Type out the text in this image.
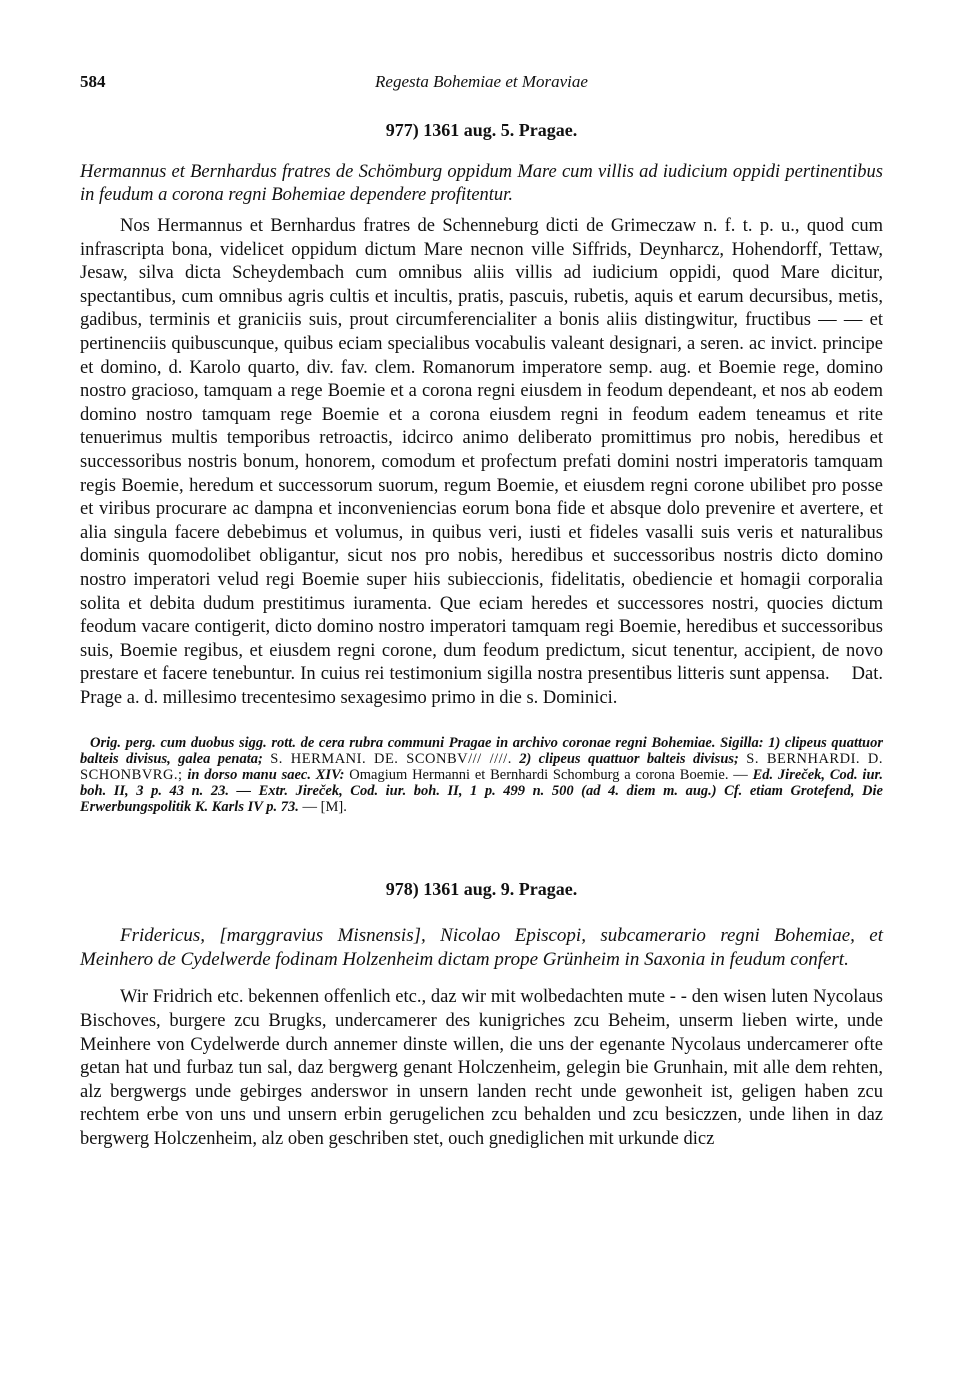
584	Regesta Bohemiae et Moraviae
977) 1361 aug. 5. Pragae.

Hermannus et Bernhardus fratres de Schömburg oppidum Mare cum villis ad iudicium oppidi pertinentibus in feudum a corona regni Bohemiae dependere profitentur.

Nos Hermannus et Bernhardus fratres de Schenneburg dicti de Grimeczaw n. f. t. p. u., quod cum infrascripta bona, videlicet oppidum dictum Mare necnon ville Siffrids, Deynharcz, Hohendorff, Tettaw, Jesaw, silva dicta Scheydembach cum omnibus aliis villis ad iudicium oppidi, quod Mare dicitur, spectantibus, cum omnibus agris cultis et incultis, pratis, pascuis, rubetis, aquis et earum decursibus, metis, gadibus, terminis et graniciis suis, prout circumferencialiter a bonis aliis distingwitur, fructibus — — et pertinenciis quibuscunque, quibus eciam specialibus vocabulis valeant designari, a seren. ac invict. principe et domino, d. Karolo quarto, div. fav. clem. Romanorum imperatore semp. aug. et Boemie rege, domino nostro gracioso, tamquam a rege Boemie et a corona regni eiusdem in feodum dependeant, et nos ab eodem domino nostro tamquam rege Boemie et a corona eiusdem regni in feodum eadem teneamus et rite tenuerimus multis temporibus retroactis, idcirco animo deliberato promittimus pro nobis, heredibus et successoribus nostris bonum, honorem, comodum et profectum prefati domini nostri imperatoris tamquam regis Boemie, heredum et successorum suorum, regum Boemie, et eiusdem regni corone ubilibet pro posse et viribus procurare ac dampna et inconveniencias eorum bona fide et absque dolo prevenire et avertere, et alia singula facere debebimus et volumus, in quibus veri, iusti et fideles vasalli suis veris et naturalibus dominis quomodolibet obligantur, sicut nos pro nobis, heredibus et successoribus nostris dicto domino nostro imperatori velud regi Boemie super hiis subieccionis, fidelitatis, obediencie et homagii corporalia solita et debita dudum prestitimus iuramenta. Que eciam heredes et successores nostri, quocies dictum feodum vacare contigerit, dicto domino nostro imperatori tamquam regi Boemie, heredibus et successoribus suis, Boemie regibus, et eiusdem regni corone, dum feodum predictum, sicut tenentur, accipient, de novo prestare et facere tenebuntur. In cuius rei testimonium sigilla nostra presentibus litteris sunt appensa. Dat. Prage a. d. millesimo trecentesimo sexagesimo primo in die s. Dominici.

Orig. perg. cum duobus sigg. rott. de cera rubra communi Pragae in archivo coronae regni Bohemiae. Sigilla: 1) clipeus quattuor balteis divisus, galea penata; S. HERMANI. DE. SCONBV/// ////. 2) clipeus quattuor balteis divisus; S. BERNHARDI. D. SCHONBVRG.; in dorso manu saec. XIV: Omagium Hermanni et Bernhardi Schomburg a corona Boemie. — Ed. Jireček, Cod. iur. boh. II, 3 p. 43 n. 23. — Extr. Jireček, Cod. iur. boh. II, 1 p. 499 n. 500 (ad 4. diem m. aug.) Cf. etiam Grotefend, Die Erwerbungspolitik K. Karls IV p. 73. — [M].

978) 1361 aug. 9. Pragae.

Fridericus, [marggravius Misnensis], Nicolao Episcopi, subcamerario regni Bohemiae, et Meinhero de Cydelwerde fodinam Holzenheim dictam prope Grünheim in Saxonia in feudum confert.

Wir Fridrich etc. bekennen offenlich etc., daz wir mit wolbedachten mute - - den wisen luten Nycolaus Bischoves, burgere zcu Brugks, undercamerer des kunigriches zcu Beheim, unserm lieben wirte, unde Meinhere von Cydelwerde durch annemer dinste willen, die uns der egenante Nycolaus undercamerer ofte getan hat und furbaz tun sal, daz bergwerg genant Holczenheim, gelegin bie Grunhain, mit alle dem rehten, alz bergwergs unde gebirges anderswor in unsern landen recht unde gewonheit ist, geligen haben zcu rechtem erbe von uns und unsern erbin gerugelichen zcu behalden und zcu besiczzen, unde lihen in daz bergwerg Holczenheim, alz oben geschriben stet, ouch gnediglichen mit urkunde dicz
